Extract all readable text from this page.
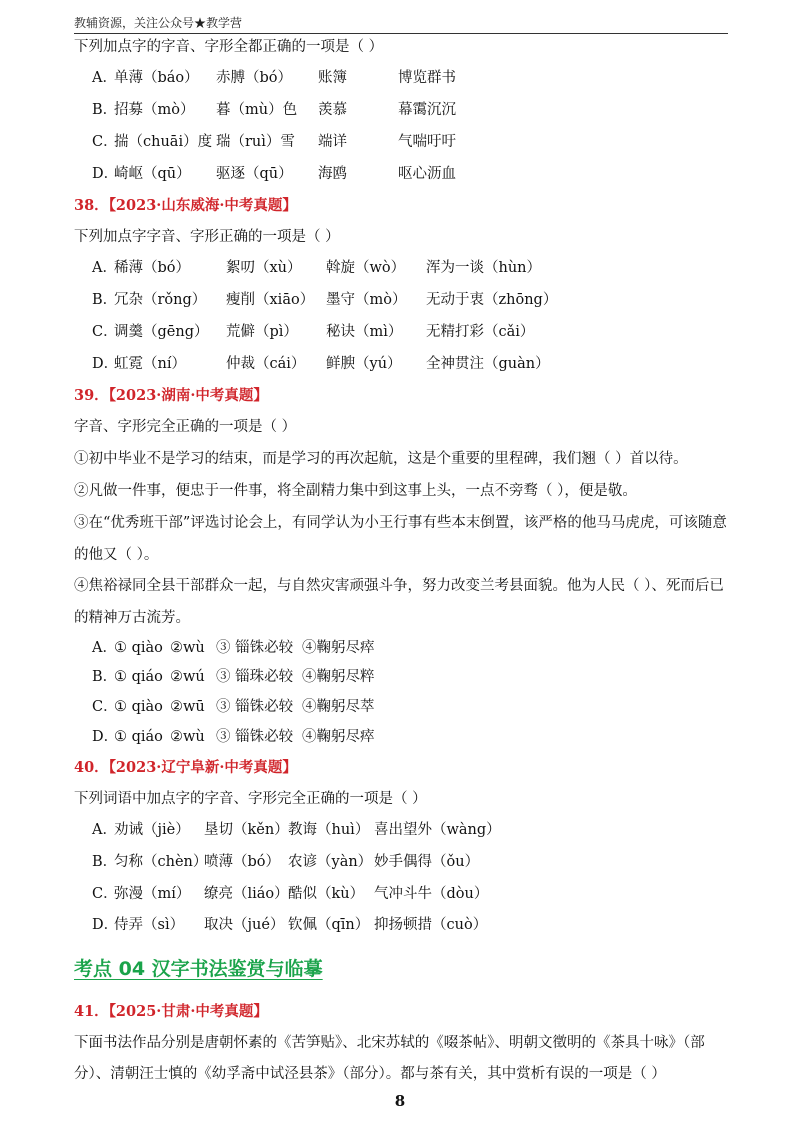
教辅资源，关注公众号★教学营
下列加点字的字音、字形全都正确的一项是（ ）
A．单薄（báo） 赤膊（bó） 账簿	博览群书
B．招募（mò） 暮（mù）色 羡慕	幕霭沉沉
C．揣（chuāi）度 瑞（ruì）雪 端详	气喘吁吁
D．崎岖（qū） 驱逐（qū） 海鸥	呕心沥血
38．【2023·山东威海·中考真题】
下列加点字字音、字形正确的一项是（ ）
A．稀薄（bó） 絮叨（xù） 斡旋（wò） 浑为一谈（hùn）
B．冗杂（rǒng） 瘦削（xiāo） 墨守（mò） 无动于衷（zhōng）
C．调羹（gēng） 荒僻（pì） 秘诀（mì） 无精打彩（cǎi）
D．虹霓（ní）	仲裁（cái） 鲜腴（yú） 全神贯注（guàn）
39．【2023·湖南·中考真题】
字音、字形完全正确的一项是（ ）
①初中毕业不是学习的结束，而是学习的再次起航，这是个重要的里程碑，我们翘（ ）首以待。
②凡做一件事，便忠于一件事，将全副精力集中到这事上头，一点不旁骛（ ），便是敬。
③在“优秀班干部”评选讨论会上，有同学认为小王行事有些本末倒置，该严格的他马马虎虎，可该随意
的他又（ ）。
④焦裕禄同全县干部群众一起，与自然灾害顽强斗争，努力改变兰考县面貌。他为人民（ ）、死而后已
的精神万古流芳。
A．① qiào ②wù ③ 锱铢必较 ④鞠躬尽瘁
B．① qiáo ②wú ③ 锱珠必较 ④鞠躬尽粹
C．① qiào ②wū ③ 锱铢必较 ④鞠躬尽萃
D．① qiáo ②wù ③ 锱铢必较 ④鞠躬尽瘁
40．【2023·辽宁阜新·中考真题】
下列词语中加点字的字音、字形完全正确的一项是（ ）
A．劝诫（jiè） 垦切（kěn）教诲（huì） 喜出望外（wàng）
B．匀称（chèn）喷薄（bó） 农谚（yàn） 妙手偶得（ǒu）
C．弥漫（mí） 缭亮（liáo）酷似（kù） 气冲斗牛（dòu）
D．侍弄（sì） 取决（jué） 钦佩（qīn） 抑扬顿措（cuò）
考点 04 汉字书法鉴赏与临摹
41．【2025·甘肃·中考真题】
下面书法作品分别是唐朝怀素的《苦笋贴》、北宋苏轼的《啜茶帖》、明朝文徵明的《茶具十咏》（部
分）、清朝汪士慎的《幼孚斋中试泾县茶》（部分）。都与茶有关，其中赏析有误的一项是（ ）
8
